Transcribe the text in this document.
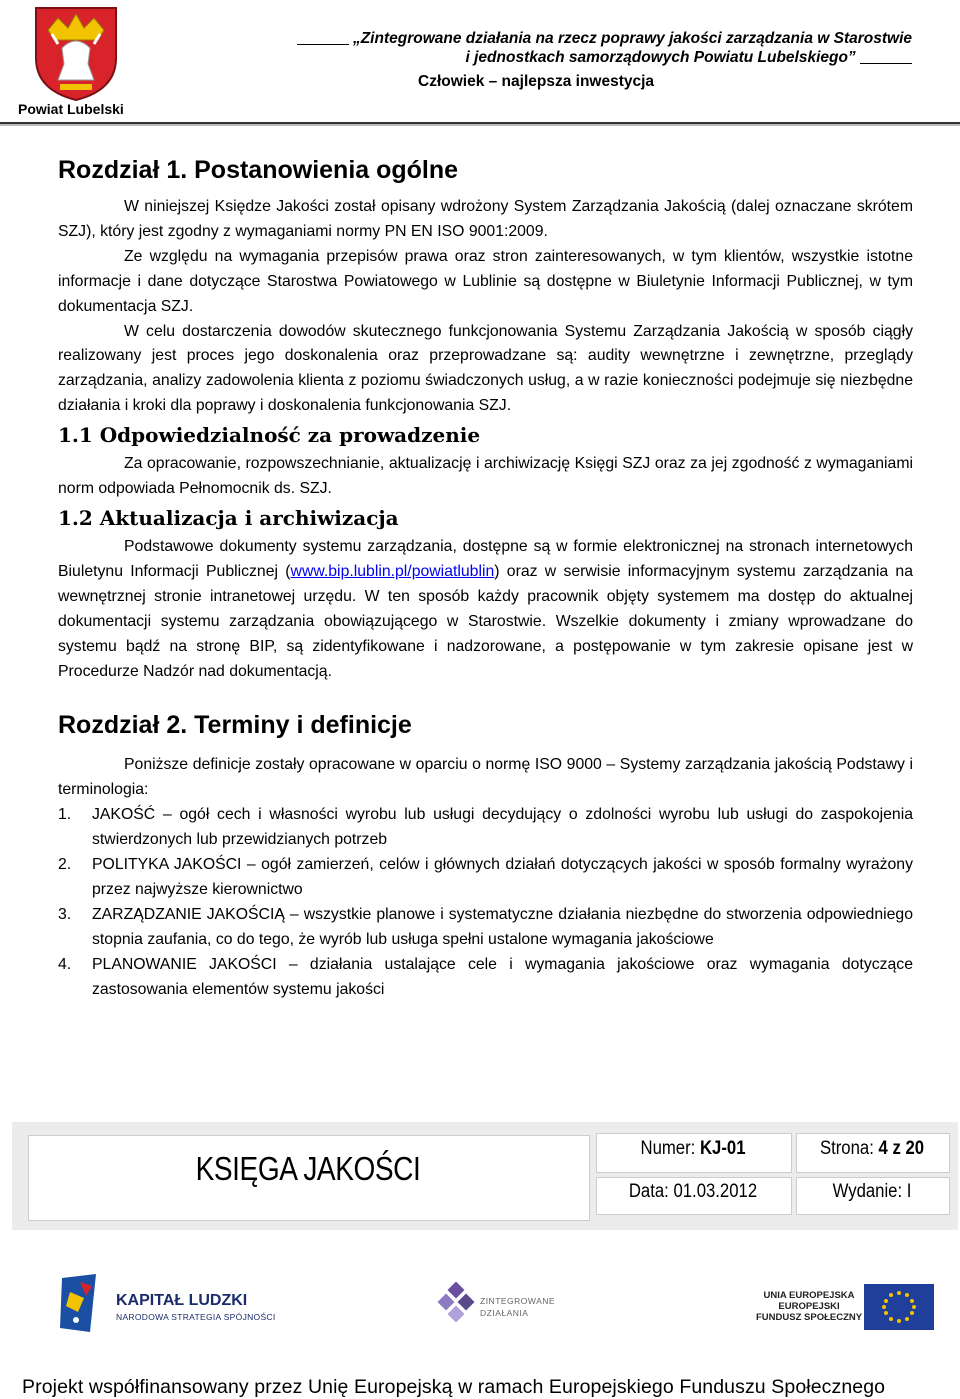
Powiat Lubelski
„Zintegrowane działania na rzecz poprawy jakości zarządzania w Starostwie
i jednostkach samorządowych Powiatu Lubelskiego”
Człowiek – najlepsza inwestycja
Rozdział 1. Postanowienia ogólne

W niniejszej Księdze Jakości został opisany wdrożony System Zarządzania Jakością (dalej oznaczane skrótem SZJ), który jest zgodny z wymaganiami normy PN EN ISO 9001:2009.

Ze względu na wymagania przepisów prawa oraz stron zainteresowanych, w tym klientów, wszystkie istotne informacje i dane dotyczące Starostwa Powiatowego w Lublinie są dostępne w Biuletynie Informacji Publicznej, w tym dokumentacja SZJ.

W celu dostarczenia dowodów skutecznego funkcjonowania Systemu Zarządzania Jakością w sposób ciągły realizowany jest proces jego doskonalenia oraz przeprowadzane są: audity wewnętrzne i zewnętrzne, przeglądy zarządzania, analizy zadowolenia klienta z poziomu świadczonych usług, a w razie konieczności podejmuje się niezbędne działania i kroki dla poprawy i doskonalenia funkcjonowania SZJ.

1.1 Odpowiedzialność za prowadzenie

Za opracowanie, rozpowszechnianie, aktualizację i archiwizację Księgi SZJ oraz za jej zgodność z wymaganiami norm odpowiada Pełnomocnik ds. SZJ.

1.2 Aktualizacja i archiwizacja

Podstawowe dokumenty systemu zarządzania, dostępne są w formie elektronicznej na stronach internetowych Biuletynu Informacji Publicznej (www.bip.lublin.pl/powiatlublin) oraz w serwisie informacyjnym systemu zarządzania na wewnętrznej stronie intranetowej urzędu. W ten sposób każdy pracownik objęty systemem ma dostęp do aktualnej dokumentacji systemu zarządzania obowiązującego w Starostwie. Wszelkie dokumenty i zmiany wprowadzane do systemu bądź na stronę BIP, są zidentyfikowane i nadzorowane, a postępowanie w tym zakresie opisane jest w Procedurze Nadzór nad dokumentacją.

Rozdział 2. Terminy i definicje

Poniższe definicje zostały opracowane w oparciu o normę ISO 9000 – Systemy zarządzania jakością Podstawy i terminologia:

1. JAKOŚĆ – ogół cech i własności wyrobu lub usługi decydujący o zdolności wyrobu lub usługi do zaspokojenia stwierdzonych lub przewidzianych potrzeb
2. POLITYKA JAKOŚCI – ogół zamierzeń, celów i głównych działań dotyczących jakości w sposób formalny wyrażony przez najwyższe kierownictwo
3. ZARZĄDZANIE JAKOŚCIĄ – wszystkie planowe i systematyczne działania niezbędne do stworzenia odpowiedniego stopnia zaufania, co do tego, że wyrób lub usługa spełni ustalone wymagania jakościowe
4. PLANOWANIE JAKOŚCI – działania ustalające cele i wymagania jakościowe oraz wymagania dotyczące zastosowania elementów systemu jakości
KSIĘGA JAKOŚCI
Numer: KJ-01	Strona: 4 z 20
Data: 01.03.2012	Wydanie: I
KAPITAŁ LUDZKI
NARODOWA STRATEGIA SPÓJNOŚCI
ZINTEGROWANE
DZIAŁANIA
UNIA EUROPEJSKA
EUROPEJSKI
FUNDUSZ SPOŁECZNY
Projekt współfinansowany przez Unię Europejską w ramach Europejskiego Funduszu Społecznego
